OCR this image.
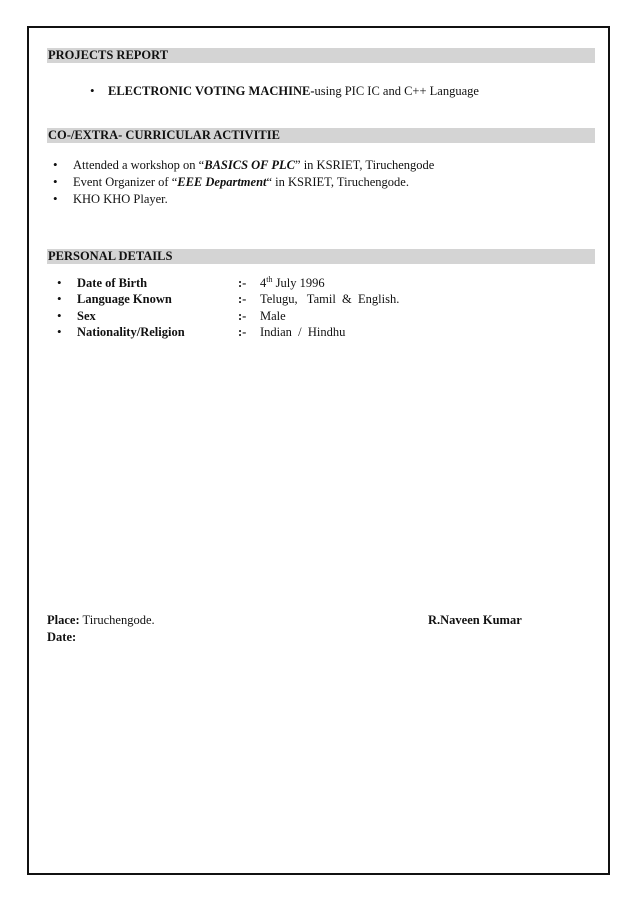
PROJECTS REPORT
• ELECTRONIC VOTING MACHINE-using PIC IC and C++ Language
CO-/EXTRA- CURRICULAR ACTIVITIE
• Attended a workshop on “BASICS OF PLC” in KSRIET, Tiruchengode
• Event Organizer of “EEE Department“ in KSRIET, Tiruchengode.
• KHO KHO Player.
PERSONAL DETAILS
• Date of Birth	:- 4th July 1996
• Language Known	:- Telugu,   Tamil  &  English.
• Sex	:- Male
• Nationality/Religion	:- Indian  /  Hindhu
Place: Tiruchengode.
Date:
R.Naveen Kumar
